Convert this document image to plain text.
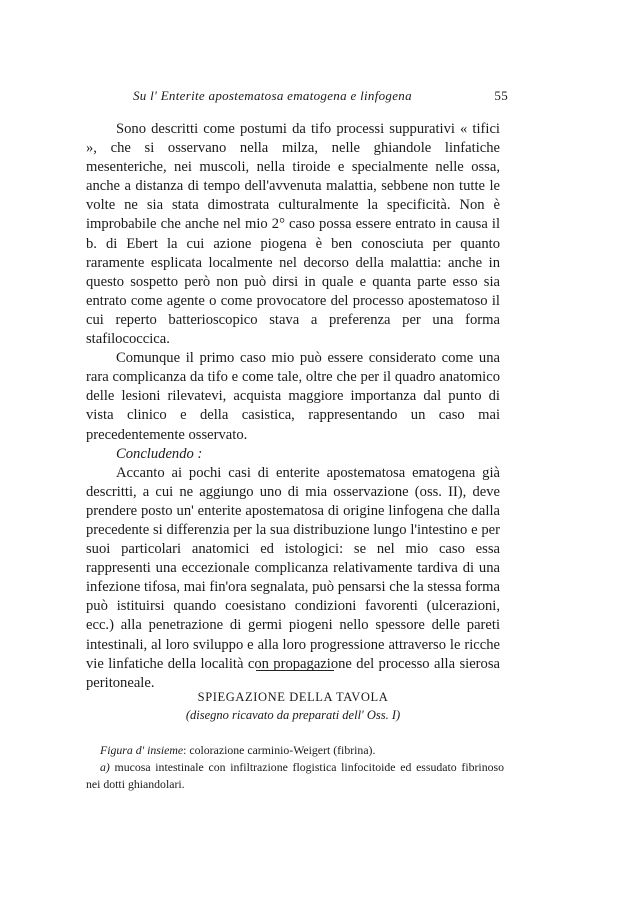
Su l' Enterite apostematosa ematogena e linfogena	55

Sono descritti come postumi da tifo processi suppurativi « tifici », che si osservano nella milza, nelle ghiandole linfatiche mesenteriche, nei muscoli, nella tiroide e specialmente nelle ossa, anche a distanza di tempo dell'avvenuta malattia, sebbene non tutte le volte ne sia stata dimostrata culturalmente la specificità. Non è improbabile che anche nel mio 2° caso possa essere entrato in causa il b. di Ebert la cui azione piogena è ben conosciuta per quanto raramente esplicata localmente nel decorso della malattia: anche in questo sospetto però non può dirsi in quale e quanta parte esso sia entrato come agente o come provocatore del processo apostematoso il cui reperto batterioscopico stava a preferenza per una forma stafilococcica.

Comunque il primo caso mio può essere considerato come una rara complicanza da tifo e come tale, oltre che per il quadro anatomico delle lesioni rilevatevi, acquista maggiore importanza dal punto di vista clinico e della casistica, rappresentando un caso mai precedentemente osservato.

Concludendo :

Accanto ai pochi casi di enterite apostematosa ematogena già descritti, a cui ne aggiungo uno di mia osservazione (oss. II), deve prendere posto un' enterite apostematosa di origine linfogena che dalla precedente si differenzia per la sua distribuzione lungo l'intestino e per suoi particolari anatomici ed istologici: se nel mio caso essa rappresenti una eccezionale complicanza relativamente tardiva di una infezione tifosa, mai fin'ora segnalata, può pensarsi che la stessa forma può istituirsi quando coesistano condizioni favorenti (ulcerazioni, ecc.) alla penetrazione di germi piogeni nello spessore delle pareti intestinali, al loro sviluppo e alla loro progressione attraverso le ricche vie linfatiche della località con propagazione del processo alla sierosa peritoneale.

SPIEGAZIONE DELLA TAVOLA
(disegno ricavato da preparati dell' Oss. I)

Figura d' insieme: colorazione carminio-Weigert (fibrina).

a) mucosa intestinale con infiltrazione flogistica linfocitoide ed essudato fibrinoso nei dotti ghiandolari.
